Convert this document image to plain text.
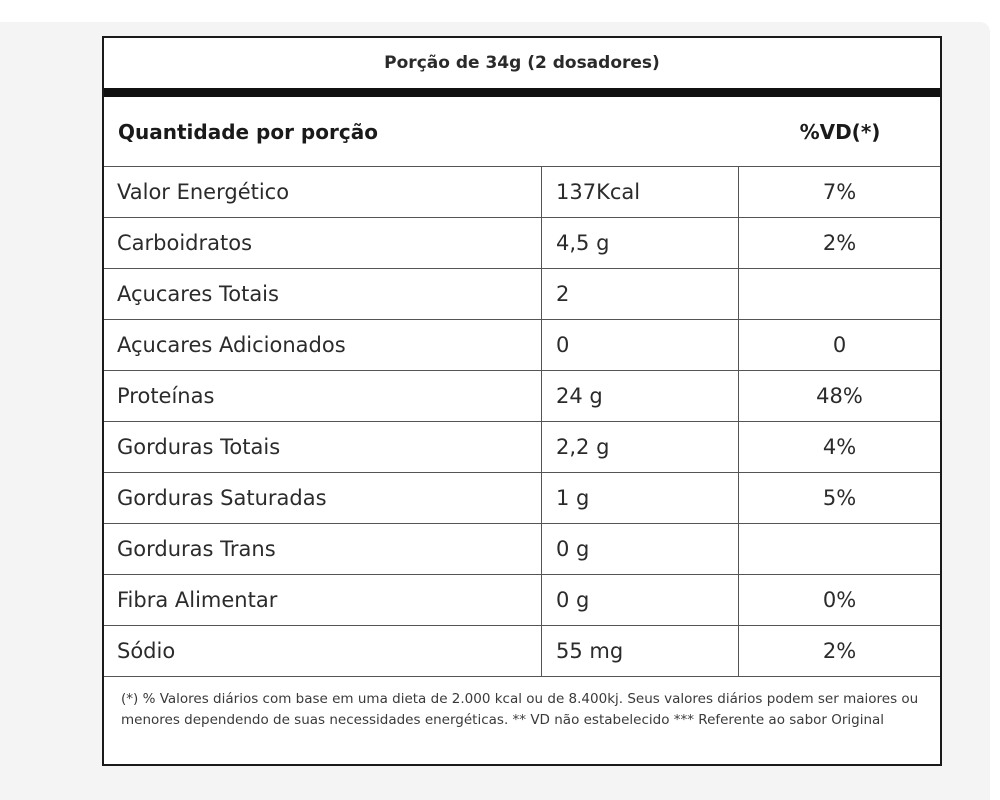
Porção de 34g (2 dosadores)
Quantidade por porção	%VD(*)
Valor Energético	137Kcal	7%
Carboidratos	4,5 g	2%
Açucares Totais	2
Açucares Adicionados	0	0
Proteínas	24 g	48%
Gorduras Totais	2,2 g	4%
Gorduras Saturadas	1 g	5%
Gorduras Trans	0 g
Fibra Alimentar	0 g	0%
Sódio	55 mg	2%
(*) % Valores diários com base em uma dieta de 2.000 kcal ou de 8.400kj. Seus valores diários podem ser maiores ou menores dependendo de suas necessidades energéticas. ** VD não estabelecido *** Referente ao sabor Original
